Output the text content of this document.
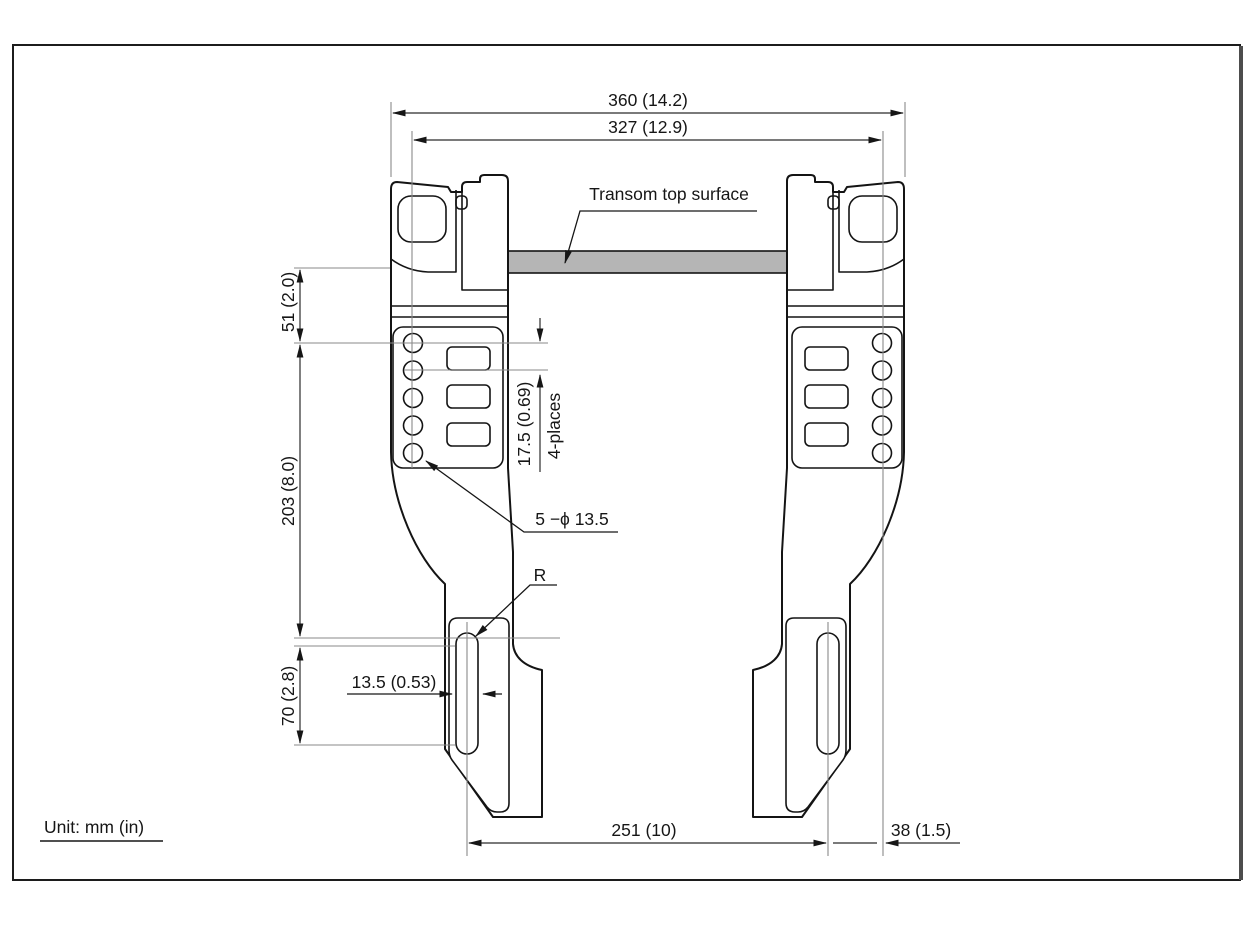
360 (14.2)
327 (12.9)
Transom top surface
51 (2.0)
203 (8.0)
70 (2.8)
17.5 (0.69) 4-places
5 −ϕ 13.5
R
13.5 (0.53)
251 (10)	38 (1.5)
Unit: mm (in)
